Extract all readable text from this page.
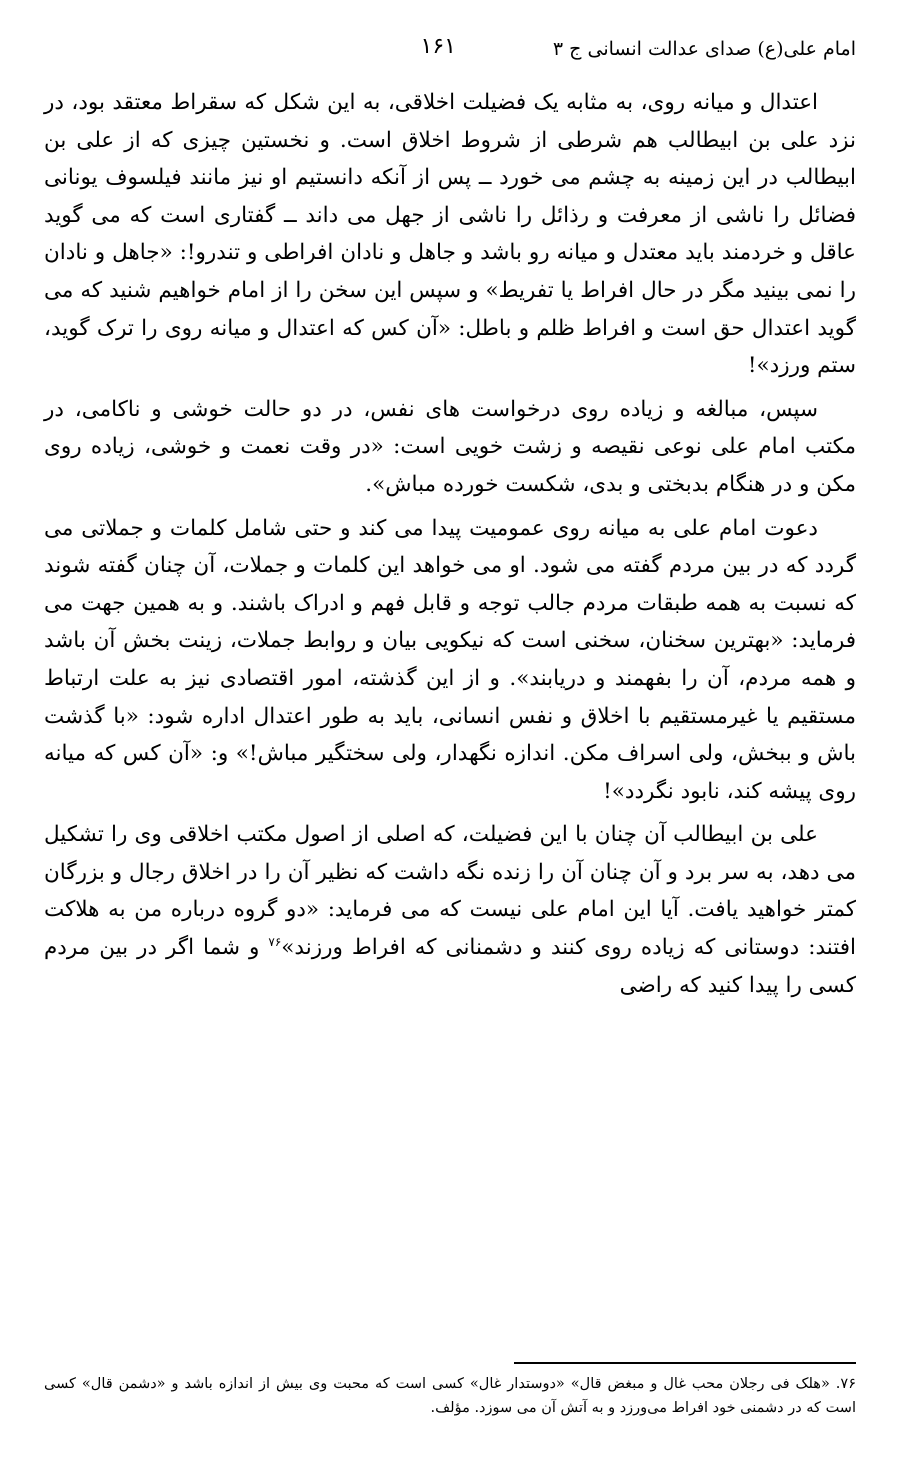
امام علی(ع) صدای عدالت انسانی ج ۳
۱۶۱

اعتدال و میانه روی، به مثابه یک فضیلت اخلاقی، به این شکل که سقراط معتقد بود، در نزد علی بن ابیطالب هم شرطی از شروط اخلاق است. و نخستین چیزی که از علی بن ابیطالب در این زمینه به چشم می خورد ــ پس از آنکه دانستیم او نیز مانند فیلسوف یونانی فضائل را ناشی از معرفت و رذائل را ناشی از جهل می داند ــ گفتاری است که می گوید عاقل و خردمند باید معتدل و میانه رو باشد و جاهل و نادان افراطی و تندرو!: «جاهل و نادان را نمی بینید مگر در حال افراط یا تفریط» و سپس این سخن را از امام خواهیم شنید که می گوید اعتدال حق است و افراط ظلم و باطل: «آن کس که اعتدال و میانه روی را ترک گوید، ستم ورزد»!

سپس، مبالغه و زیاده روی درخواست های نفس، در دو حالت خوشی و ناکامی، در مکتب امام علی نوعی نقیصه و زشت خویی است: «در وقت نعمت و خوشی، زیاده روی مکن و در هنگام بدبختی و بدی، شکست خورده مباش».

دعوت امام علی به میانه روی عمومیت پیدا می کند و حتی شامل کلمات و جملاتی می گردد که در بین مردم گفته می شود. او می خواهد این کلمات و جملات، آن چنان گفته شوند که نسبت به همه طبقات مردم جالب توجه و قابل فهم و ادراک باشند. و به همین جهت می فرماید: «بهترین سخنان، سخنی است که نیکویی بیان و روابط جملات، زینت بخش آن باشد و همه مردم، آن را بفهمند و دریابند». و از این گذشته، امور اقتصادی نیز به علت ارتباط مستقیم یا غیرمستقیم با اخلاق و نفس انسانی، باید به طور اعتدال اداره شود: «با گذشت باش و ببخش، ولی اسراف مکن. اندازه نگهدار، ولی سختگیر مباش!» و: «آن کس که میانه روی پیشه کند، نابود نگردد»!

علی بن ابیطالب آن چنان با این فضیلت، که اصلی از اصول مکتب اخلاقی وی را تشکیل می دهد، به سر برد و آن چنان آن را زنده نگه داشت که نظیر آن را در اخلاق رجال و بزرگان کمتر خواهید یافت. آیا این امام علی نیست که می فرماید: «دو گروه درباره من به هلاکت افتند: دوستانی که زیاده روی کنند و دشمنانی که افراط ورزند»$^{۷۶}$ و شما اگر در بین مردم کسی را پیدا کنید که راضی

۷۶. «هلک فی رجلان محب غال و مبغض قال» «دوستدار غال» کسی است که محبت وی بیش از اندازه باشد و «دشمن قال» کسی است که در دشمنی خود افراط می‌ورزد و به آتش آن می سوزد. مؤلف.
